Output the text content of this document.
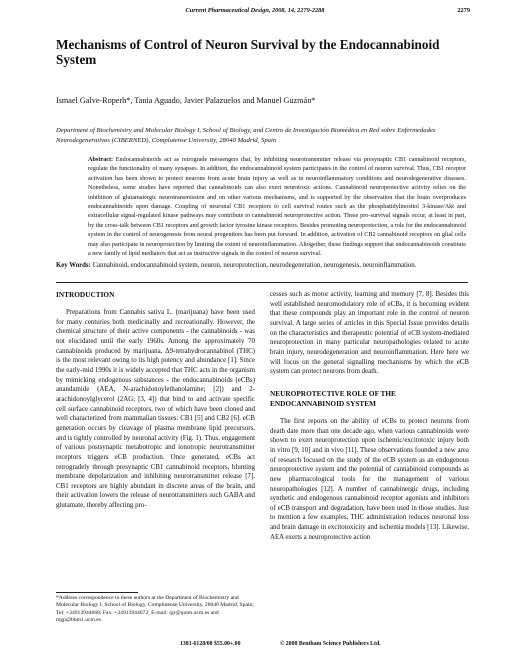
Current Pharmaceutical Design, 2008, 14, 2279-2288	2279
Mechanisms of Control of Neuron Survival by the Endocannabinoid System
Ismael Galve-Roperh*, Tania Aguado, Javier Palazuelos and Manuel Guzmán*
Department of Biochemistry and Molecular Biology I, School of Biology, and Centro de Investigación Biomédica en Red sobre Enfermedades Neurodegenerativas (CIBERNED), Complutense University, 28040 Madrid, Spain
Abstract: Endocannabinoids act as retrograde messengers that, by inhibiting neurotransmitter release via presynaptic CB1 cannabinoid receptors, regulate the functionality of many synapses. In addition, the endocannabinoid system participates in the control of neuron survival. Thus, CB1 receptor activation has been shown to protect neurons from acute brain injury as well as in neuroinflammatory conditions and neurodegenerative diseases. Nonetheless, some studies have reported that cannabinoids can also exert neurotoxic actions. Cannabinoid neuroprotective activity relies on the inhibition of glutamatergic neurotransmission and on other various mechanisms, and is supported by the observation that the brain overproduces endocannabinoids upon damage. Coupling of neuronal CB1 receptors to cell survival routes such as the phosphatidylinositol 3-kinase/Akt and extracellular signal-regulated kinase pathways may contribute to cannabinoid neuroprotective action. These pro-survival signals occur, at least in part, by the cross-talk between CB1 receptors and growth factor tyrosine kinase receptors. Besides promoting neuroprotection, a role for the endocannabinoid system in the control of neurogenesis from neural progenitors has been put forward. In addition, activation of CB2 cannabinoid receptors on glial cells may also participate in neuroprotection by limiting the extent of neuroinflammation. Altogether, these findings support that endocannabinoids constitute a new family of lipid mediators that act as instructive signals in the control of neuron survival.
Key Words: Cannabinoid, endocannabinoid system, neuron, neuroprotection, neurodegeneration, neurogenesis, neuroinflammation.
INTRODUCTION

Preparations from Cannabis sativa L. (marijuana) have been used for many centuries both medicinally and recreationally. However, the chemical structure of their active components - the cannabinoids - was not elucidated until the early 1960s. Among the approximately 70 cannabinoids produced by marijuana, Δ9-tetrahydrocannabinol (THC) is the most relevant owing to its high potency and abundance [1]. Since the early-mid 1990s it is widely accepted that THC acts in the organism by mimicking endogenous substances - the endocannabinoids (eCBs) anandamide (AEA, N-arachidonoylethanolamine; [2]) and 2-arachidonoylglycerol (2AG; [3, 4]) that bind to and activate specific cell surface cannabinoid receptors, two of which have been cloned and well characterized from mammalian tissues: CB1 [5] and CB2 [6]. eCB generation occurs by cleavage of plasma membrane lipid precursors, and is tightly controlled by neuronal activity (Fig. 1). Thus, engagement of various postsynaptic metabotropic and ionotropic neurotransmitter receptors triggers eCB production. Once generated, eCBs act retrogradely through presynaptic CB1 cannabinoid receptors, blunting membrane depolarization and inhibiting neurotransmitter release [7]. CB1 receptors are highly abundant in discrete areas of the brain, and their activation lowers the release of neurotransmitters such GABA and glutamate, thereby affecting pro-

cesses such as motor activity, learning and memory [7, 8]. Besides this well established neuromodulatory role of eCBs, it is becoming evident that these compounds play an important role in the control of neuron survival. A large series of articles in this Special Issue provides details on the characteristics and therapeutic potential of eCB system-mediated neuroprotection in many particular neuropathologies related to acute brain injury, neurodegeneration and neuroinflammation. Here here we will focus on the general signalling mechanisms by which the eCB system can protect neurons from death.

NEUROPROTECTIVE ROLE OF THE ENDOCANNABINOID SYSTEM

The first reports on the ability of eCBs to protect neurons from death date more than one decade ago, when various cannabinoids were shown to exert neuroprotection upon ischemic/excitotoxic injury both in vitro [9, 10] and in vivo [11]. These observations founded a new area of research focused on the study of the eCB system as an endogenous neuroprotective system and the potential of cannabinoid compounds as new pharmacological tools for the management of various neuropathologies [12]. A number of cannabinergic drugs, including synthetic and endogenous cannabinoid receptor agonists and inhibitors of eCB transport and degradation, have been used in those studies. Just to mention a few examples, THC administration reduces neuronal loss and brain damage in excitotoxicity and ischemia models [13]. Likewise, AEA exerts a neuroprotective action

*Address correspondence to these authors at the Department of Biochemistry and Molecular Biology I, School of Biology, Complutense University, 28040 Madrid, Spain; Tel: +34913944668; Fax: +34913944672; E-mail: igr@quim.ucm.es and mgp@bbm1.ucm.es
1381-6128/08 $55.00+.00	© 2008 Bentham Science Publishers Ltd.
